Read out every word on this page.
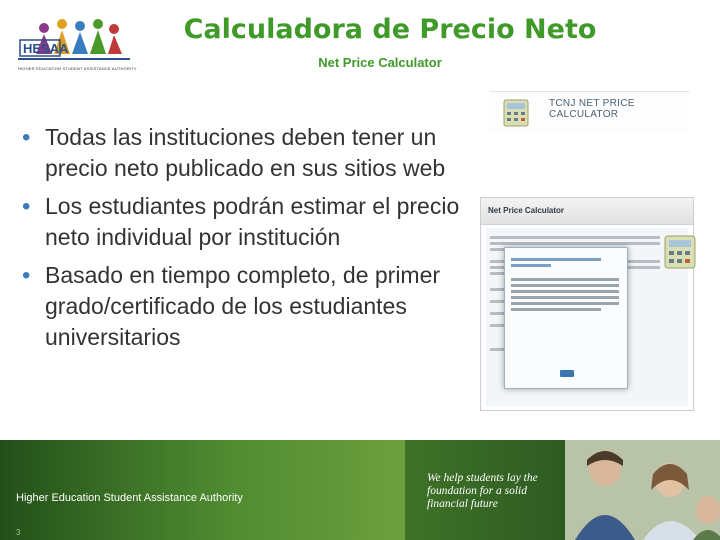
HESAA
HIGHER EDUCATION STUDENT ASSISTANCE AUTHORITY
Calculadora de Precio Neto
Net Price Calculator
• Todas las instituciones deben tener un precio neto publicado en sus sitios web
• Los estudiantes podrán estimar el precio neto individual por institución
• Basado en tiempo completo, de primer grado/certificado de los estudiantes universitarios
TCNJ NET PRICE CALCULATOR
Net Price Calculator
Higher Education Student Assistance Authority
3
We help students lay the
foundation for a solid
financial future
